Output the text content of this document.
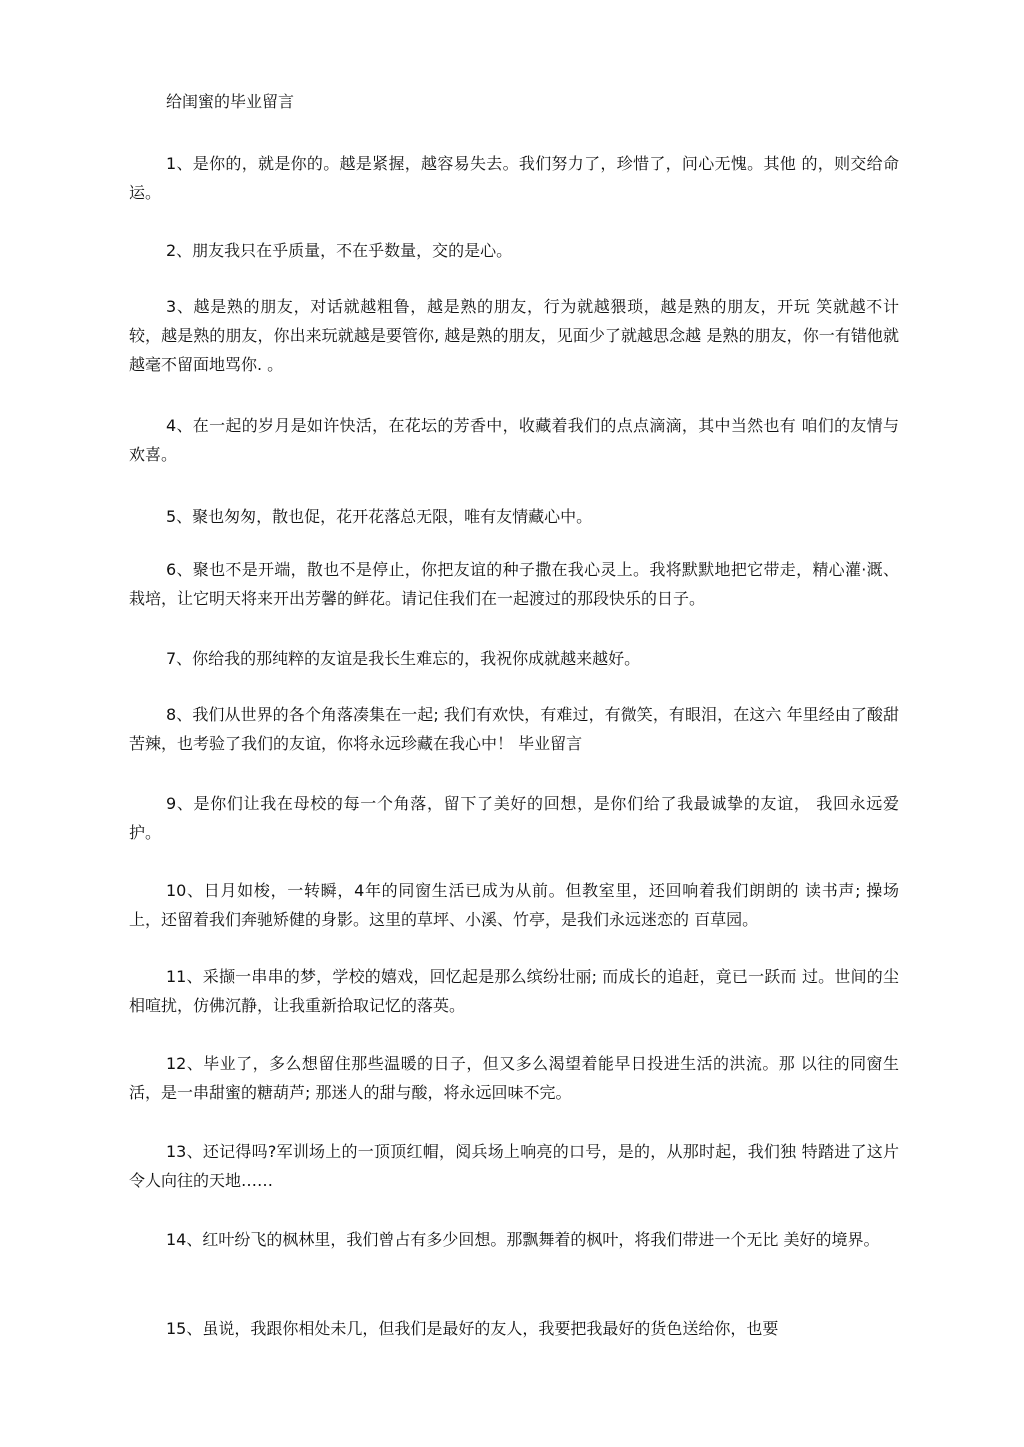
给闺蜜的毕业留言

1、是你的，就是你的。越是紧握，越容易失去。我们努力了，珍惜了，问心无愧。其他 的，则交给命运。

2、朋友我只在乎质量，不在乎数量，交的是心。

3、越是熟的朋友，对话就越粗鲁，越是熟的朋友，行为就越猥琐，越是熟的朋友，开玩 笑就越不计较，越是熟的朋友，你出来玩就越是要管你, 越是熟的朋友，见面少了就越思念越 是熟的朋友，你一有错他就越毫不留面地骂你. 。

4、在一起的岁月是如许快活，在花坛的芳香中，收藏着我们的点点滴滴，其中当然也有 咱们的友情与欢喜。

5、聚也匆匆，散也促，花开花落总无限，唯有友情藏心中。

6、聚也不是开端，散也不是停止，你把友谊的种子撒在我心灵上。我将默默地把它带走，精心灌·溉、栽培，让它明天将来开出芳馨的鲜花。请记住我们在一起渡过的那段快乐的日子。

7、你给我的那纯粹的友谊是我长生难忘的，我祝你成就越来越好。

8、我们从世界的各个角落凑集在一起; 我们有欢快，有难过，有微笑，有眼泪，在这六 年里经由了酸甜苦辣，也考验了我们的友谊，你将永远珍藏在我心中！ 毕业留言

9、是你们让我在母校的每一个角落，留下了美好的回想，是你们给了我最诚挚的友谊， 我回永远爱护。

10、日月如梭，一转瞬，4年的同窗生活已成为从前。但教室里，还回响着我们朗朗的 读书声; 操场上，还留着我们奔驰矫健的身影。这里的草坪、小溪、竹亭，是我们永远迷恋的 百草园。

11、采撷一串串的梦，学校的嬉戏，回忆起是那么缤纷壮丽; 而成长的追赶，竟已一跃而 过。世间的尘相喧扰，仿佛沉静，让我重新拾取记忆的落英。

12、毕业了，多么想留住那些温暖的日子，但又多么渴望着能早日投进生活的洪流。那 以往的同窗生活，是一串甜蜜的糖葫芦; 那迷人的甜与酸，将永远回味不完。

13、还记得吗?军训场上的一顶顶红帽，阅兵场上响亮的口号，是的，从那时起，我们独 特踏进了这片令人向往的天地……

14、红叶纷飞的枫林里，我们曾占有多少回想。那飘舞着的枫叶，将我们带进一个无比 美好的境界。

15、虽说，我跟你相处未几，但我们是最好的友人，我要把我最好的货色送给你，也要
